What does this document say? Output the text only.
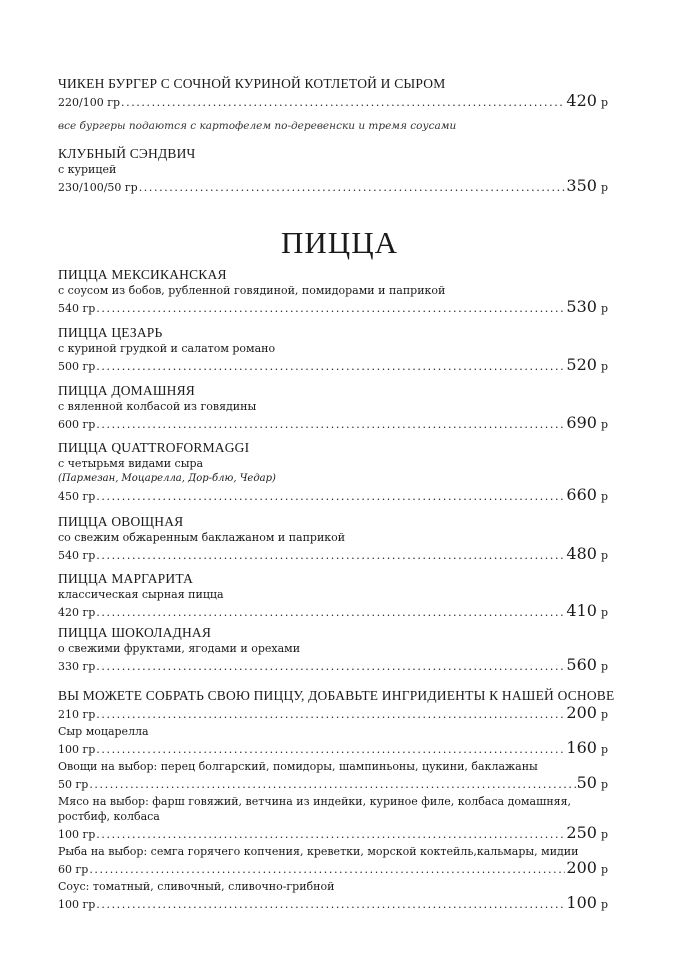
ЧИКЕН БУРГЕР С СОЧНОЙ КУРИНОЙ КОТЛЕТОЙ И СЫРОМ
220/100 гр .....	420 р
все бургеры подаются с картофелем по-деревенски и тремя соусами
КЛУБНЫЙ СЭНДВИЧ
с курицей
230/100/50 гр .....	350 р
ПИЦЦА
ПИЦЦА МЕКСИКАНСКАЯ
с соусом из бобов, рубленной говядиной, помидорами и паприкой
540 гр .....	530 р
ПИЦЦА ЦЕЗАРЬ
с куриной грудкой и салатом романо
500 гр .....	520 р
ПИЦЦА ДОМАШНЯЯ
с вяленной колбасой из говядины
600 гр .....	690 р
ПИЦЦА QUATTROFORMAGGI
с четырьмя видами сыра
(Пармезан, Моцарелла, Дор-блю, Чедар)
450 гр .....	660 р
ПИЦЦА ОВОЩНАЯ
со свежим обжаренным баклажаном и паприкой
540 гр .....	480 р
ПИЦЦА МАРГАРИТА
классическая сырная пицца
420 гр .....	410 р
ПИЦЦА ШОКОЛАДНАЯ
о свежими фруктами, ягодами и орехами
330 гр .....	560 р
ВЫ МОЖЕТЕ СОБРАТЬ СВОЮ ПИЦЦУ, ДОБАВЬТЕ ИНГРИДИЕНТЫ К НАШЕЙ ОСНОВЕ
210 гр .....	200 р
Сыр моцарелла
100 гр .....	160 р
Овощи на выбор: перец болгарский, помидоры, шампиньоны, цукини, баклажаны
50 гр .....	50 р
Мясо на выбор: фарш говяжий, ветчина из индейки, куриное филе, колбаса домашняя,
ростбиф, колбаса
100 гр .....	250 р
Рыба на выбор: семга горячего копчения, креветки, морской коктейль,кальмары, мидии
60 гр .....	200 р
Соус: томатный, сливочный, сливочно-грибной
100 гр .....	100 р
